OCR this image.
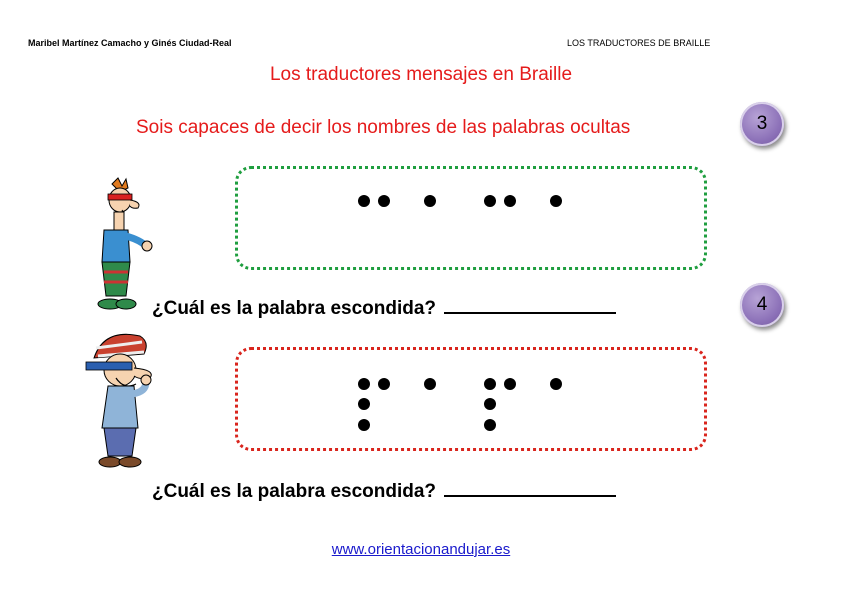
Maribel Martínez Camacho y Ginés Ciudad-Real	LOS TRADUCTORES DE BRAILLE
Los traductores mensajes en Braille
Sois capaces de decir los nombres de las palabras ocultas	3
4
¿Cuál es la palabra escondida?
¿Cuál es la palabra escondida?
www.orientacionandujar.es
